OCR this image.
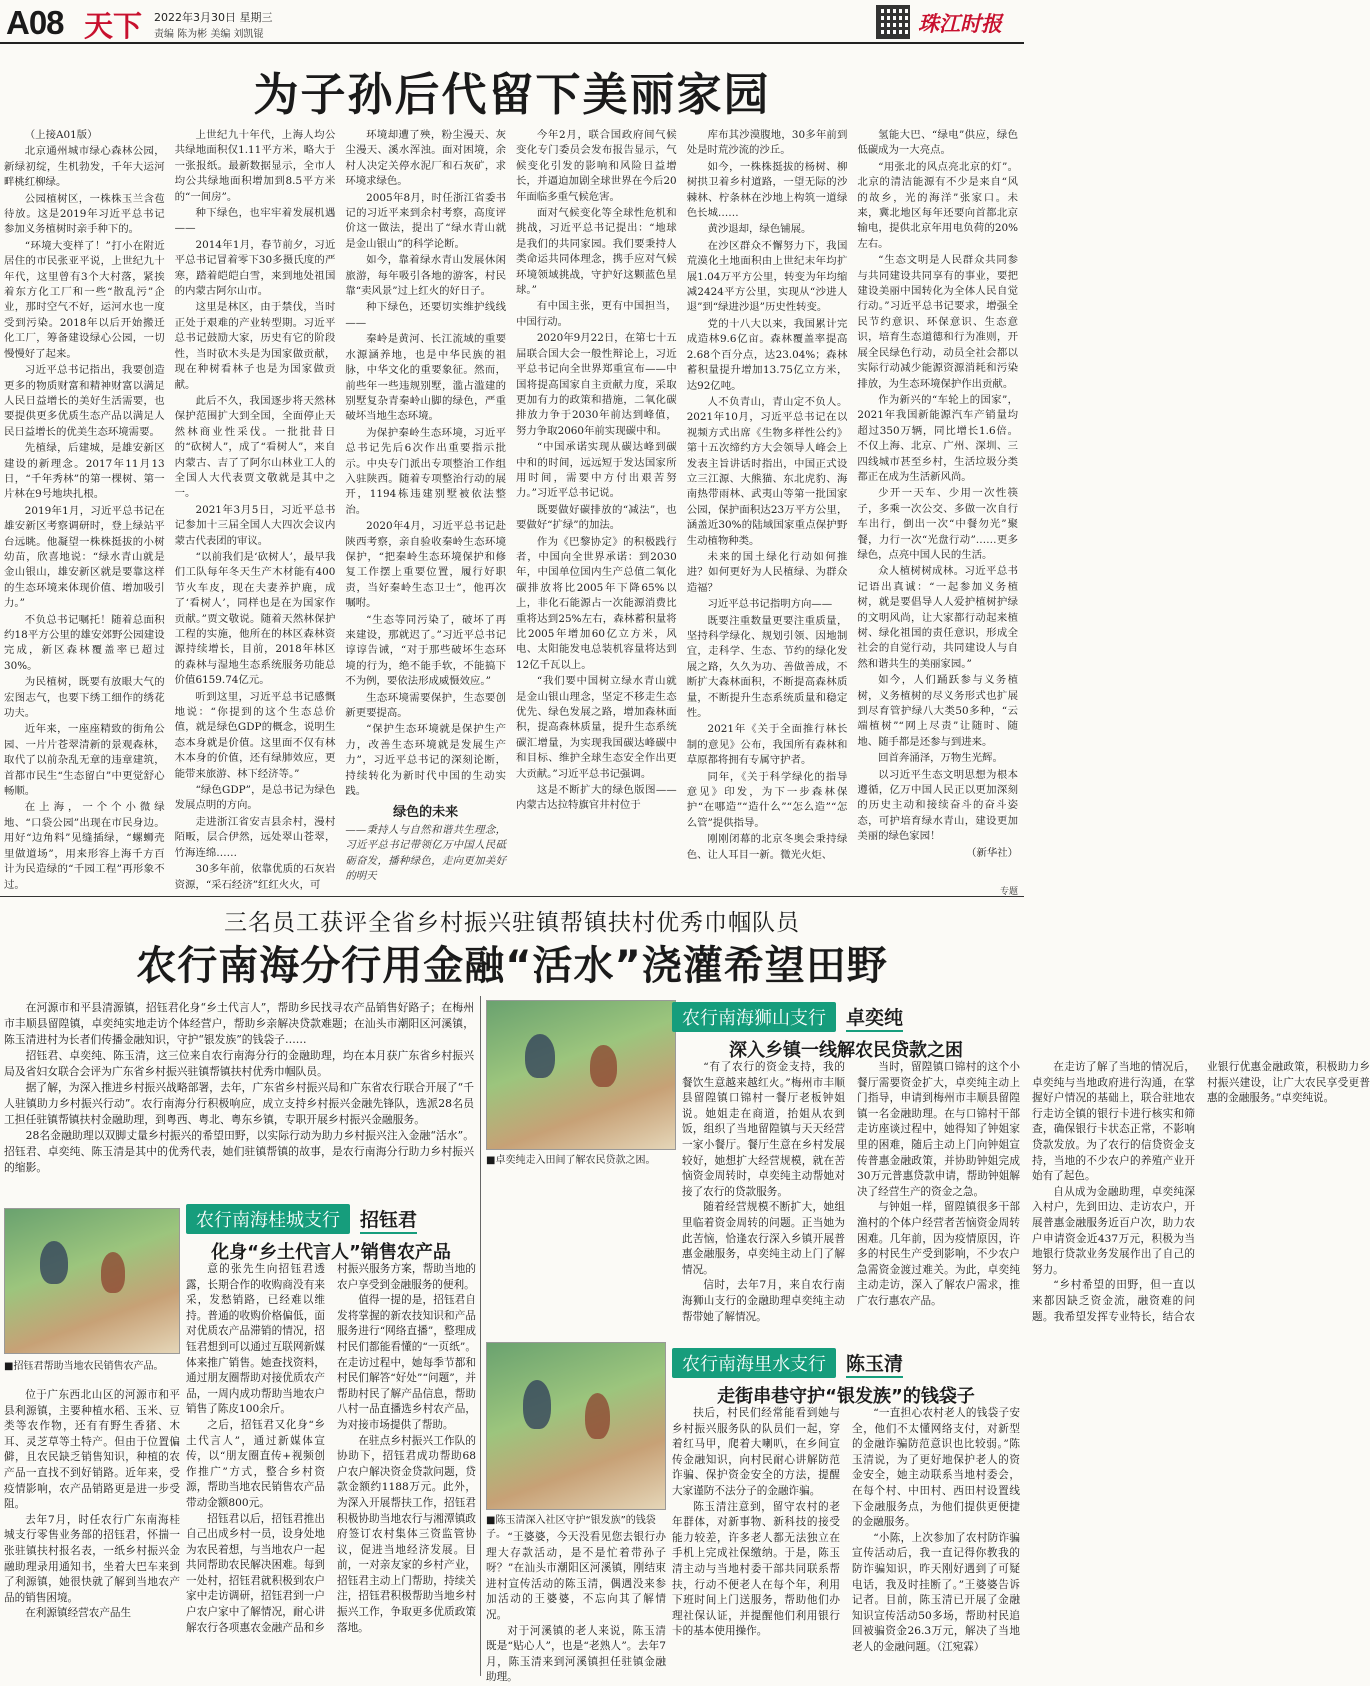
A08 天下 2022年3月30日 星期三
责编 陈为彬 美编 刘凯锟	珠江时报
为子孙后代留下美丽家园

（上接A01版）

北京通州城市绿心森林公园，新绿初绽，生机勃发，千年大运河畔桃红柳绿。

公园植树区，一株株玉兰含苞待放。这是2019年习近平总书记参加义务植树时亲手种下的。

“环境大变样了！”打小在附近居住的市民张亚平说，上世纪九十年代，这里曾有3个大村落，紧挨着东方化工厂和一些“散乱污”企业，那时空气不好，运河水也一度受到污染。2018年以后开始搬迁化工厂，筹备建设绿心公园，一切慢慢好了起来。

习近平总书记指出，我要创造更多的物质财富和精神财富以满足人民日益增长的美好生活需要，也要提供更多优质生态产品以满足人民日益增长的优美生态环境需要。

先植绿，后建城，是雄安新区建设的新理念。2017年11月13日，“千年秀林”的第一棵树、第一片林在9号地块扎根。

2019年1月，习近平总书记在雄安新区考察调研时，登上绿站平台远眺。他凝望一株株挺拔的小树幼苗，欣喜地说：“绿水青山就是金山银山，雄安新区就是要靠这样的生态环境来体现价值、增加吸引力。”

不负总书记嘱托！随着总面积约18平方公里的雄安郊野公园建设完成，新区森林覆盖率已超过30%。

为民植树，既要有放眼大气的宏图志气，也要下绣工细作的绣花功夫。

近年来，一座座精致的街角公园、一片片苍翠清新的景观森林，取代了以前杂乱无章的违章建筑，首都市民生“生态留白”中更觉舒心畅顺。

在上海，一个个小微绿地、“口袋公园”出现在市民身边。用好“边角料”见缝插绿，“螺蛳壳里做道场”，用来形容上海千方百计为民造绿的“千园工程”再形象不过。

上世纪九十年代，上海人均公共绿地面积仅1.11平方米，略大于一张报纸。最新数据显示，全市人均公共绿地面积增加到8.5平方米的“一间房”。

种下绿色，也牢牢着发展机遇——

2014年1月，春节前夕，习近平总书记冒着零下30多摄氏度的严寒，踏着皑皑白雪，来到地处祖国的内蒙古阿尔山市。

这里是林区，由于禁伐，当时正处于艰难的产业转型期。习近平总书记鼓励大家，历史有它的阶段性，当时砍木头是为国家做贡献，现在种树看林子也是为国家做贡献。

此后不久，我国逐步将天然林保护范围扩大到全国，全面停止天然林商业性采伐。一批批昔日的“砍树人”，成了“看树人”，来自内蒙古、吉了了阿尔山林业工人的全国人大代表贾文敬就是其中之一。

2021年3月5日，习近平总书记参加十三届全国人大四次会议内蒙古代表团的审议。

“以前我们是‘砍树人’，最早我们工队每年冬天生产木材能有400节火车皮，现在夫妻养护鹿，成了‘看树人’，同样也是在为国家作贡献。”贾文敬说。随着天然林保护工程的实施，他所在的林区森林资源持续增长，目前，2018年林区的森林与湿地生态系统服务功能总价值6159.74亿元。

听到这里，习近平总书记感慨地说：“你提到的这个生态总价值，就是绿色GDP的概念，说明生态本身就是价值。这里面不仅有林木本身的价值，还有绿肺效应，更能带来旅游、林下经济等。”

“绿色GDP”，是总书记为绿色发展点明的方向。

走进浙江省安吉县余村，漫村陌畈，层合伊然，远处翠山苍翠，竹海连绵……

30多年前，依靠优质的石灰岩资源，“采石经济”红红火火，可

环境却遭了殃，粉尘漫天、灰尘漫天、溪水浑浊。面对困境，余村人决定关停水泥厂和石灰矿，求环境求绿色。

2005年8月，时任浙江省委书记的习近平来到余村考察，高度评价这一做法，提出了“绿水青山就是金山银山”的科学论断。

如今，靠着绿水青山发展休闲旅游，每年吸引各地的游客，村民靠“卖风景”过上红火的好日子。

种下绿色，还要切实维护线线——

秦岭是黄河、长江流域的重要水源涵养地，也是中华民族的祖脉，中华文化的重要象征。然而，前些年一些违规别墅，滥占滥建的别墅复杂青秦岭山脚的绿色，严重破坏当地生态环境。

为保护秦岭生态环境，习近平总书记先后6次作出重要指示批示。中央专门派出专项整治工作组入驻陕西。随着专项整治行动的展开，1194栋违建别墅被依法整治。

2020年4月，习近平总书记赴陕西考察，亲自验收秦岭生态环境保护，“把秦岭生态环境保护和修复工作摆上重要位置，履行好职责，当好秦岭生态卫士”，他再次嘱咐。

“生态等同污染了，破坏了再来建设，那就迟了。”习近平总书记谆谆告诫，“对于那些破坏生态环境的行为，绝不能手软，不能搞下不为例，要依法形成威慑效应。”

生态环境需要保护，生态要创新更要提高。

“保护生态环境就是保护生产力，改善生态环境就是发展生产力”，习近平总书记的深刻论断，持续转化为新时代中国的生动实践。

绿色的未来

——秉持人与自然和谐共生理念，习近平总书记带领亿万中国人民砥砺奋发，播种绿色，走向更加美好的明天

今年2月，联合国政府间气候变化专门委员会发布报告显示，气候变化引发的影响和风险日益增长，并逼迫加剧全球世界在今后20年面临多重气候危害。

面对气候变化等全球性危机和挑战，习近平总书记提出：“地球是我们的共同家园。我们要秉持人类命运共同体理念，携手应对气候环境领域挑战，守护好这颗蓝色星球。”

有中国主张，更有中国担当，中国行动。

2020年9月22日，在第七十五届联合国大会一般性辩论上，习近平总书记向全世界郑重宣布——中国将提高国家自主贡献力度，采取更加有力的政策和措施，二氧化碳排放力争于2030年前达到峰值，努力争取2060年前实现碳中和。

“中国承诺实现从碳达峰到碳中和的时间，远远短于发达国家所用时间，需要中方付出艰苦努力。”习近平总书记说。

既要做好碳排放的“减法”，也要做好“扩绿”的加法。

作为《巴黎协定》的积极践行者，中国向全世界承诺：到2030年，中国单位国内生产总值二氧化碳排放将比2005年下降65%以上，非化石能源占一次能源消费比重将达到25%左右，森林蓄积量将比2005年增加60亿立方米，风电、太阳能发电总装机容量将达到12亿千瓦以上。

“我们要中国树立绿水青山就是金山银山理念，坚定不移走生态优先、绿色发展之路，增加森林面积，提高森林质量，提升生态系统碳汇增量，为实现我国碳达峰碳中和目标、维护全球生态安全作出更大贡献。”习近平总书记强调。

这是不断扩大的绿色版图——内蒙古达拉特旗官井村位于

库布其沙漠腹地，30多年前到处是时荒沙流的沙丘。

如今，一株株挺拔的杨树、柳树拱卫着乡村道路，一望无际的沙棘林、柠条林在沙地上构筑一道绿色长城……

黄沙退却，绿色铺展。

在沙区群众不懈努力下，我国荒漠化土地面积由上世纪末年均扩展1.04万平方公里，转变为年均缩减2424平方公里，实现从“沙进人退”到“绿进沙退”历史性转变。

党的十八大以来，我国累计完成造林9.6亿亩。森林覆盖率提高2.68个百分点，达23.04%；森林蓄积量提升增加13.75亿立方米，达92亿吨。

人不负青山，青山定不负人。2021年10月，习近平总书记在以视频方式出席《生物多样性公约》第十五次缔约方大会领导人峰会上发表主旨讲话时指出，中国正式设立三江源、大熊猫、东北虎豹、海南热带雨林、武夷山等第一批国家公园，保护面积达23万平方公里，涵盖近30%的陆域国家重点保护野生动植物种类。

未来的国土绿化行动如何推进？如何更好为人民植绿、为群众造福？

习近平总书记指明方向——

既要注重数量更要注重质量，坚持科学绿化、规划引领、因地制宜，走科学、生态、节约的绿化发展之路，久久为功、善做善成，不断扩大森林面积，不断提高森林质量，不断提升生态系统质量和稳定性。

2021年《关于全面推行林长制的意见》公布，我国所有森林和草原都将拥有专属守护者。

同年，《关于科学绿化的指导意见》印发，为下一步森林保护“在哪造”“造什么”“怎么造”“怎么管”提供指导。

刚刚闭幕的北京冬奥会秉持绿色、让人耳目一新。微光火炬、

氢能大巴、“绿电”供应，绿色低碳成为一大亮点。

“用张北的风点亮北京的灯”。北京的清洁能源有不少是来自“风的故乡，光的海洋”张家口。未来，冀北地区每年还要向首都北京输电，提供北京年用电负荷的20%左右。

“生态文明是人民群众共同参与共同建设共同享有的事业，要把建设美丽中国转化为全体人民自觉行动。”习近平总书记要求，增强全民节约意识、环保意识、生态意识，培育生态道德和行为准则，开展全民绿色行动，动员全社会都以实际行动减少能源资源消耗和污染排放，为生态环境保护作出贡献。

作为新兴的“车轮上的国家”，2021年我国新能源汽车产销量均超过350万辆，同比增长1.6倍。不仅上海、北京、广州、深圳、三四线城市甚至乡村，生活垃圾分类都正在成为生活新风尚。

少开一天车、少用一次性筷子，多乘一次公交、多做一次自行车出行，倒出一次“中餐勿光”聚餐，力行一次“光盘行动”……更多绿色，点亮中国人民的生活。

众人植树树成林。习近平总书记语出真诚：“一起参加义务植树，就是要倡导人人爱护植树护绿的文明风尚，让大家都行动起来植树、绿化祖国的责任意识，形成全社会的自觉行动，共同建设人与自然和谐共生的美丽家园。”

如今，人们踊跃参与义务植树，义务植树的尽义务形式也扩展到尽育管护绿八大类50多种，“云端植树”“网上尽责”让随时、随地、随手都是还参与到进来。

回首奔涌泽，万物生光辉。

以习近平生态文明思想为根本遵循，亿万中国人民正以更加深刻的历史主动和接续奋斗的奋斗姿态，可护培育绿水青山，建设更加美丽的绿色家园！

（新华社）

专题
三名员工获评全省乡村振兴驻镇帮镇扶村优秀巾帼队员
农行南海分行用金融“活水”浇灌希望田野

在河源市和平县清源镇，招钰君化身“乡土代言人”，帮助乡民找寻农产品销售好路子；在梅州市丰顺县留隍镇，卓奕纯实地走访个体经营户，帮助乡亲解决贷款难题；在汕头市潮阳区河溪镇，陈玉清进村为长者们传播金融知识，守护“银发族”的钱袋子……

招钰君、卓奕纯、陈玉清，这三位来自农行南海分行的金融助理，均在本月获广东省乡村振兴局及省妇女联合会评为广东省乡村振兴驻镇帮镇扶村优秀巾帼队员。

据了解，为深入推进乡村振兴战略部署，去年，广东省乡村振兴局和广东省农行联合开展了“千人驻镇助力乡村振兴行动”。农行南海分行积极响应，成立支持乡村振兴金融先锋队，选派28名员工担任驻镇帮镇扶村金融助理，到粤西、粤北、粤东乡镇，专职开展乡村振兴金融服务。

28名金融助理以双脚丈量乡村振兴的希望田野，以实际行动为助力乡村振兴注入金融“活水”。招钰君、卓奕纯、陈玉清是其中的优秀代表，她们驻镇帮镇的故事，是农行南海分行助力乡村振兴的缩影。

■卓奕纯走入田间了解农民贷款之困。
农行南海狮山支行	卓奕纯
深入乡镇一线解农民贷款之困

“有了农行的资金支持，我的餐饮生意越来越红火。”梅州市丰顺县留隍镇口锦村一餐厅老板钟姐说。她姐走在商道，抬姐从农到饭，组织了当地留隍镇与天天经营一家小餐厅。餐厅生意在乡村发展较好，她想扩大经营规模，就在苦恼资金周转时，卓奕纯主动帮她对接了农行的贷款服务。

随着经营规模不断扩大，她组里临着资金周转的问题。正当她为此苦恼，恰逢农行深入乡镇开展普惠金融服务，卓奕纯主动上门了解情况。

信时，去年7月，来自农行南海狮山支行的金融助理卓奕纯主动帮带她了解情况。

当时，留隍镇口锦村的这个小餐厅需要资金扩大，卓奕纯主动上门指导，申请到梅州市丰顺县留隍镇一名金融助理。在与口锦村干部走访座谈过程中，她得知了钟姐家里的困难，随后主动上门向钟姐宣传普惠金融政策，并协助钟姐完成30万元普惠贷款申请，帮助钟姐解决了经营生产的资金之急。

与钟姐一样，留隍镇很多干部渔村的个体户经营者苦恼资金周转困难。几年前，因为疫情原因，许多的村民生产受到影响，不少农户急需资金渡过难关。为此，卓奕纯主动走访，深入了解农户需求，推广农行惠农产品。

在走访了解了当地的情况后，卓奕纯与当地政府进行沟通，在掌握好户情况的基础上，联合驻地农行走访全镇的银行卡进行核实和筛查，确保银行卡状态正常，不影响贷款发放。为了农行的信贷资金支持，当地的不少农户的养殖产业开始有了起色。

自从成为金融助理，卓奕纯深入村户，先到田边、走访农户，开展普惠金融服务近百户次，助力农户申请资金近437万元，积极为当地银行贷款业务发展作出了自己的努力。

“乡村希望的田野，但一直以来都因缺乏资金流，融资难的问题。我希望发挥专业特长，结合农业银行优惠金融政策，积极助力乡村振兴建设，让广大农民享受更普惠的金融服务。”卓奕纯说。

■招钰君帮助当地农民销售农产品。

位于广东西北山区的河源市和平县利源镇，主要种植水稻、玉米、豆类等农作物，还有有野生香猪、木耳、灵芝草等土特产。但由于位置偏僻，且农民缺乏销售知识，种植的农产品一直找不到好销路。近年来，受疫情影响，农产品销路更是进一步受阻。

去年7月，时任农行广东南海桂城支行零售业务部的招钰君，怀揣一张驻镇扶村报名表，一纸乡村振兴金融助理录用通知书，坐着大巴车来到了利源镇，她很快就了解到当地农产品的销售困境。

在利源镇经营农产品生

农行南海桂城支行	招钰君
化身“乡土代言人”销售农产品

意的张先生向招钰君透露，长期合作的收购商没有来采，发愁销路，已经难以维持。普通的收购价格偏低，面对优质农产品滞销的情况，招钰君想到可以通过互联网新媒体来推广销售。她查找资料，通过朋友圈帮助对接优质农产品，一周内成功帮助当地农户销售了陈皮100余斤。

之后，招钰君又化身“乡土代言人”，通过新媒体宣传，以“朋友圈直传+视频创作推广”方式，整合乡村资源，帮助当地农民销售农产品带动金额800元。

招钰君以后，招钰君推出自己出成乡村一员，设身处地为农民着想，与当地农户一起共同帮助农民解决困难。每到一处村，招钰君就积极到农户家中走访调研，招钰君到一户户农户家中了解情况，耐心讲解农行各项惠农金融产品和乡村振兴服务方案，帮助当地的农户享受到金融服务的便利。

值得一提的是，招钰君自发将掌握的新农技知识和产品服务进行“网络直播”，整理成村民们都能看懂的“一页纸”。在走访过程中，她每季节都和村民们解答“好处”“问题”，并帮助村民了解产品信息，帮助八村一品直播选乡村农产品，为对接市场提供了帮助。

在驻点乡村振兴工作队的协助下，招钰君成功帮助68户农户解决资金贷款问题，贷款金额约1188万元。此外，为深入开展帮扶工作，招钰君积极协助当地农行与湘潭镇政府签订农村集体三资监管协议，促进当地经济发展。目前，一对亲友家的乡村产业，招钰君主动上门帮助，持续关注，招钰君积极帮助当地乡村振兴工作，争取更多优质政策落地。

■陈玉清深入社区守护“银发族”的钱袋子。 “王婆婆，今天没看见您去银行办理大存款活动，是不是忙着带孙子呀？”在汕头市潮阳区河溪镇，刚结束进村宣传活动的陈玉清，偶遇没来参加活动的王婆婆，不忘向其了解情况。

对于河溪镇的老人来说，陈玉清既是“贴心人”，也是“老熟人”。去年7月，陈玉清来到河溪镇担任驻镇金融助理。

农行南海里水支行	陈玉清
走街串巷守护“银发族”的钱袋子

扶后，村民们经常能看到她与乡村振兴服务队的队员们一起，穿着红马甲，爬着大喇叭，在乡间宣传金融知识，向村民耐心讲解防范诈骗、保护资金安全的方法，提醒大家谨防不法分子的金融诈骗。

陈玉清注意到，留守农村的老年群体，对新事物、新科技的接受能力较差，许多老人都无法独立在手机上完成社保缴纳。于是，陈玉清主动与当地村委干部共同联系帮扶，行动不便老人在每个年，利用下班时间上门送服务，帮助他们办理社保认证，并提醒他们利用银行卡的基本使用操作。

“一直担心农村老人的钱袋子安全，他们不太懂网络支付，对新型的金融诈骗防范意识也比较弱。”陈玉清说，为了更好地保护老人的资金安全，她主动联系当地村委会，在每个村、中田村、西田村设置线下金融服务点，为他们提供更便捷的金融服务。

“小陈，上次参加了农村防诈骗宣传活动后，我一直记得你教我的防诈骗知识，昨天刚好遇到了可疑电话，我及时挂断了。”王婆婆告诉记者。目前，陈玉清已开展了金融知识宣传活动50多场，帮助村民追回被骗资金26.3万元，解决了当地老人的金融问题。（江宛霖）
